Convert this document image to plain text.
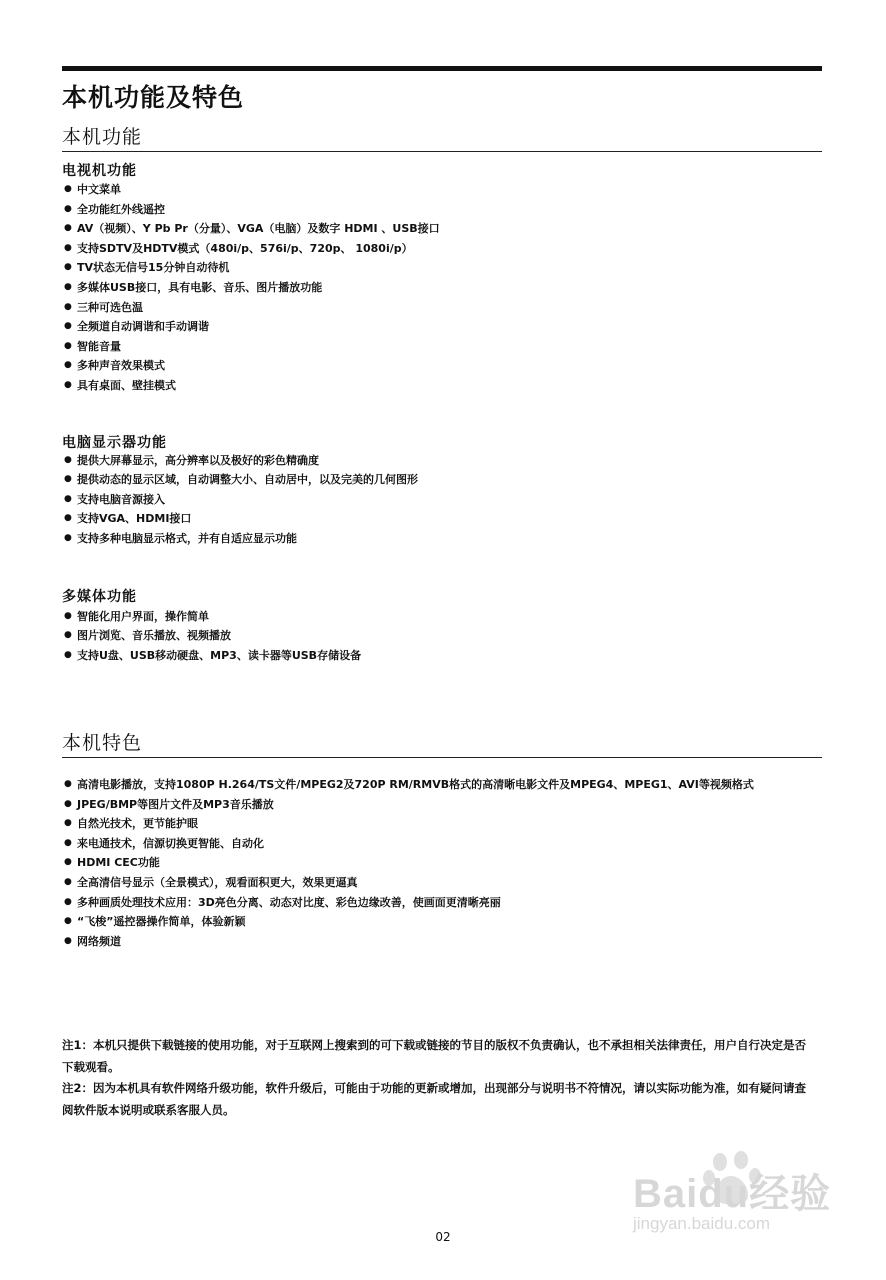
本机功能及特色
本机功能
电视机功能
● 中文菜单
● 全功能红外线遥控
● AV（视频）、Y Pb Pr（分量）、VGA（电脑）及数字 HDMI 、USB接口
● 支持SDTV及HDTV模式（480i/p、576i/p、720p、 1080i/p）
● TV状态无信号15分钟自动待机
● 多媒体USB接口，具有电影、音乐、图片播放功能
● 三种可选色温
● 全频道自动调谐和手动调谐
● 智能音量
● 多种声音效果模式
● 具有桌面、壁挂模式
电脑显示器功能
● 提供大屏幕显示，高分辨率以及极好的彩色精确度
● 提供动态的显示区域，自动调整大小、自动居中，以及完美的几何图形
● 支持电脑音源接入
● 支持VGA、HDMI接口
● 支持多种电脑显示格式，并有自适应显示功能
多媒体功能
● 智能化用户界面，操作简单
● 图片浏览、音乐播放、视频播放
● 支持U盘、USB移动硬盘、MP3、读卡器等USB存储设备
本机特色
● 高清电影播放，支持1080P H.264/TS文件/MPEG2及720P RM/RMVB格式的高清晰电影文件及MPEG4、MPEG1、AVI等视频格式
● JPEG/BMP等图片文件及MP3音乐播放
● 自然光技术，更节能护眼
● 来电通技术，信源切换更智能、自动化
● HDMI CEC功能
● 全高清信号显示（全景模式），观看面积更大，效果更逼真
● 多种画质处理技术应用：3D亮色分离、动态对比度、彩色边缘改善，使画面更清晰亮丽
● “飞梭”遥控器操作简单，体验新颖
● 网络频道

注1：本机只提供下载链接的使用功能，对于互联网上搜索到的可下载或链接的节目的版权不负责确认，也不承担相关法律责任，用户自行决定是否下载观看。

注2：因为本机具有软件网络升级功能，软件升级后，可能由于功能的更新或增加，出现部分与说明书不符情况，请以实际功能为准，如有疑问请查阅软件版本说明或联系客服人员。

Baidu经验
jingyan.baidu.com
02
